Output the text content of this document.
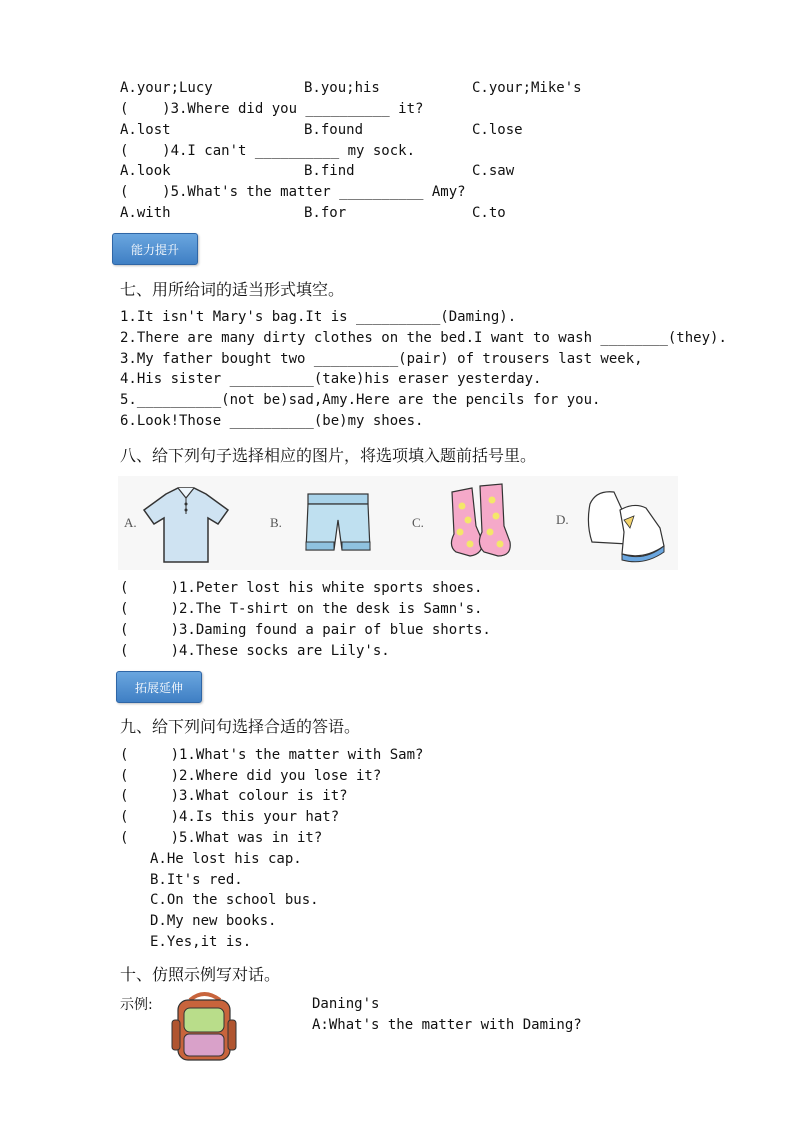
A.your;Lucy	B.you;his	C.your;Mike's
(    )3.Where did you __________ it?
A.lost	B.found	C.lose
(    )4.I can't __________ my sock.
A.look	B.find	C.saw
(    )5.What's the matter __________ Amy?
A.with	B.for	C.to
能力提升
七、用所给词的适当形式填空。
1.It isn't Mary's bag.It is __________(Daming).
2.There are many dirty clothes on the bed.I want to wash ________(they).
3.My father bought two __________(pair) of trousers last week,
4.His sister __________(take)his eraser yesterday.
5.__________(not be)sad,Amy.Here are the pencils for you.
6.Look!Those __________(be)my shoes.
八、给下列句子选择相应的图片，将选项填入题前括号里。
A.	B.	C.	D.
(     )1.Peter lost his white sports shoes.
(     )2.The T-shirt on the desk is Samn's.
(     )3.Daming found a pair of blue shorts.
(     )4.These socks are Lily's.
拓展延伸
九、给下列问句选择合适的答语。
(     )1.What's the matter with Sam?
(     )2.Where did you lose it?
(     )3.What colour is it?
(     )4.Is this your hat?
(     )5.What was in it?
A.He lost his cap.
B.It's red.
C.On the school bus.
D.My new books.
E.Yes,it is.
十、仿照示例写对话。
示例:	Daning's
A:What's the matter with Daming?
